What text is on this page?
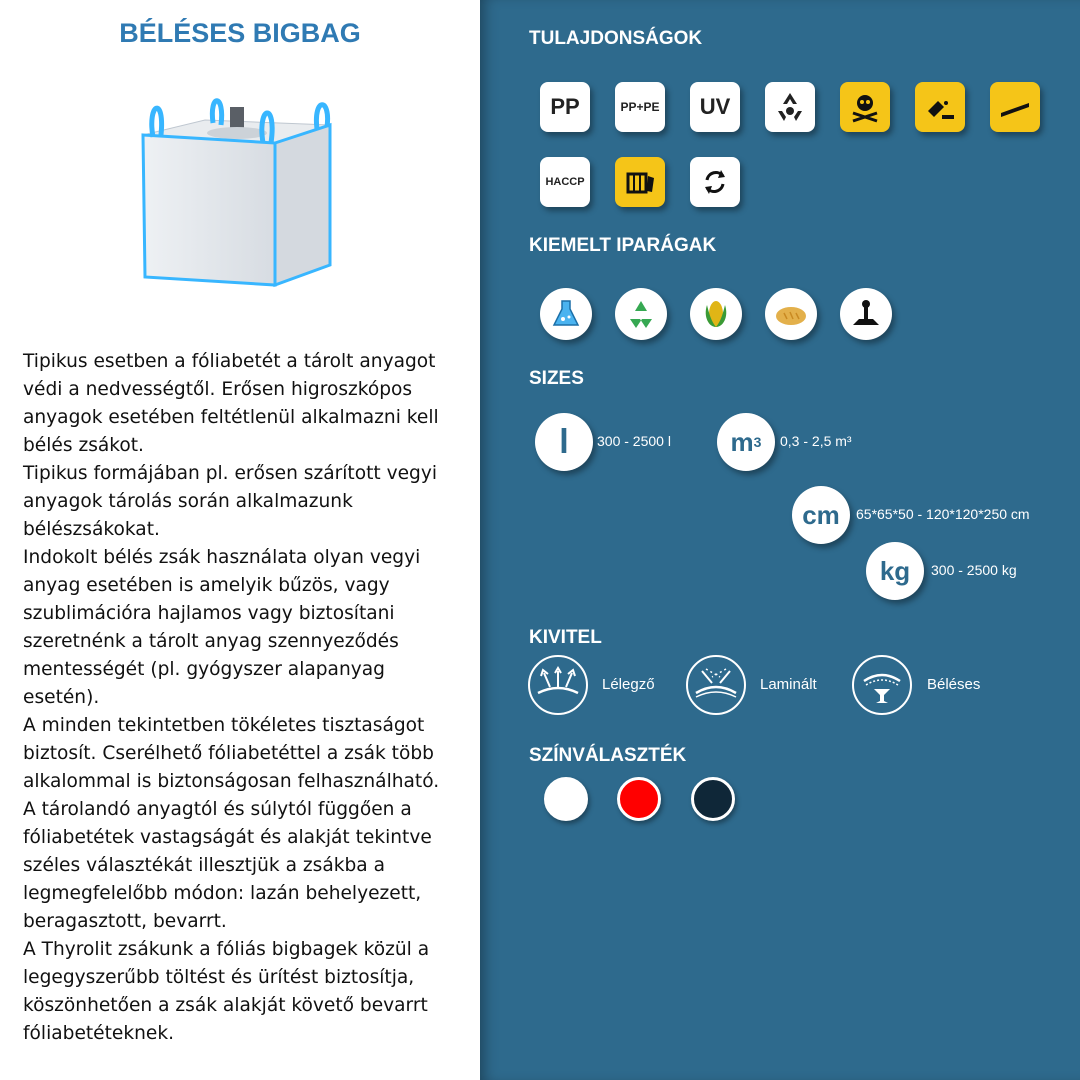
BÉLÉSES BIGBAG

Tipikus esetben a fóliabetét a tárolt anyagot védi a nedvességtől. Erősen higroszkópos anyagok esetében feltétlenül alkalmazni kell bélés zsákot.

Tipikus formájában pl. erősen szárított vegyi anyagok tárolás során alkalmazunk bélészsákokat.

Indokolt bélés zsák használata olyan vegyi anyag esetében is amelyik bűzös, vagy szublimációra hajlamos vagy biztosítani szeretnénk a tárolt anyag szennyeződés mentességét (pl. gyógyszer alapanyag esetén).

A minden tekintetben tökéletes tisztaságot biztosít. Cserélhető fóliabetéttel a zsák több alkalommal is biztonságosan felhasználható.

A tárolandó anyagtól és súlytól függően a fóliabetétek vastagságát és alakját tekintve széles választékát illesztjük a zsákba a legmegfelelőbb módon: lazán behelyezett, beragasztott, bevarrt.

A Thyrolit zsákunk a fóliás bigbagek közül a legegyszerűbb töltést és ürítést biztosítja, köszönhetően a zsák alakját követő bevarrt fóliabetéteknek.

TULAJDONSÁGOK
PP	PP+PE	UV
HACCP
KIEMELT IPARÁGAK
SIZES
l	300 - 2500 l m 3 0,3 - 2,5 m³
cm	65*65*50 - 120*120*250 cm
kg	300 - 2500 kg
KIVITEL
Lélegző	Laminált	Béléses
SZÍNVÁLASZTÉK
